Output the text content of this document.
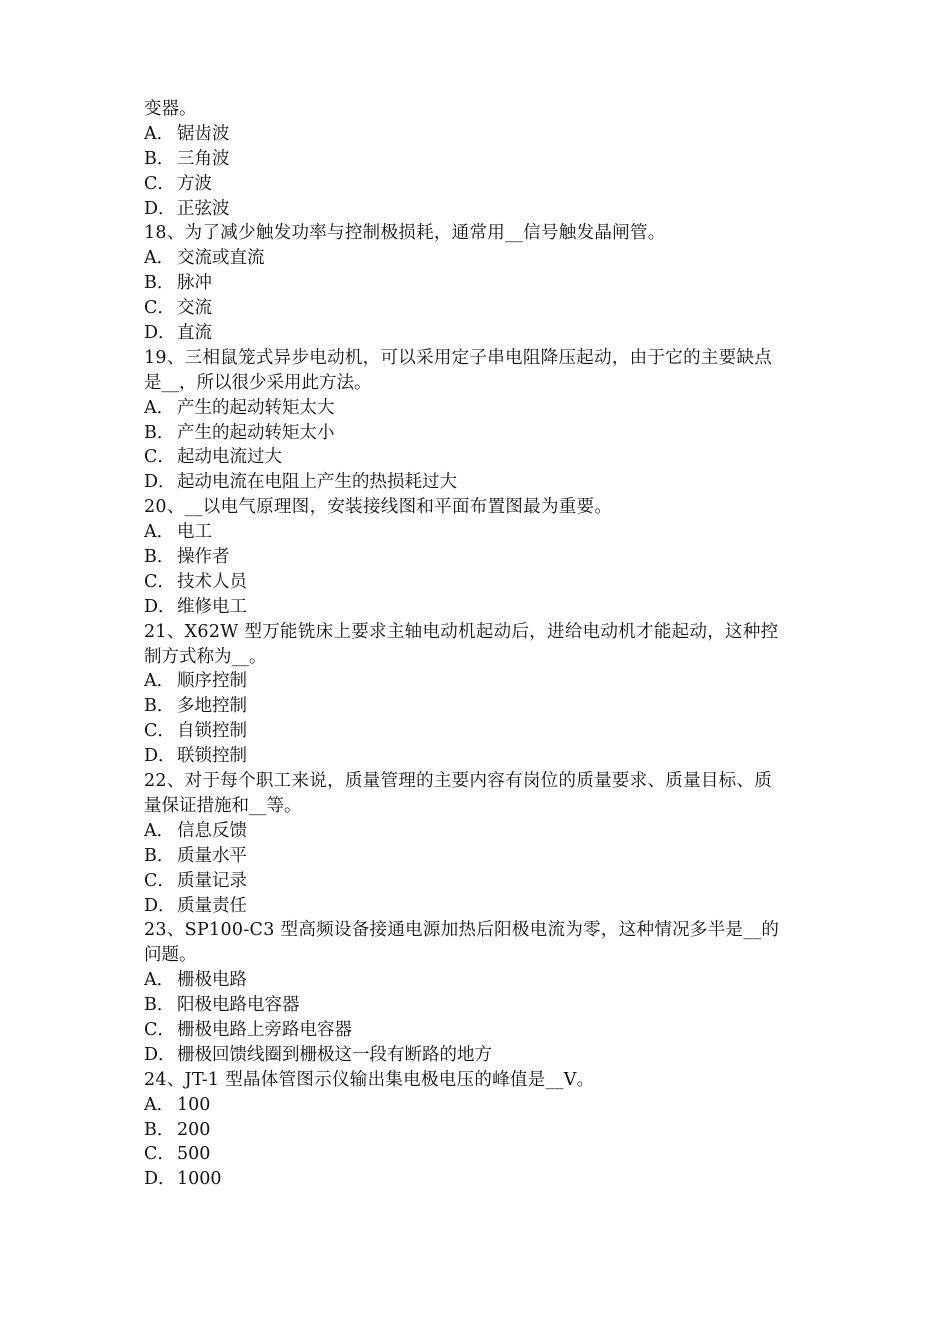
变器。
A． 锯齿波
B． 三角波
C． 方波
D． 正弦波
18、为了减少触发功率与控制极损耗，通常用__信号触发晶闸管。
A． 交流或直流
B． 脉冲
C． 交流
D． 直流
19、三相鼠笼式异步电动机，可以采用定子串电阻降压起动，由于它的主要缺点
是__，所以很少采用此方法。
A． 产生的起动转矩太大
B． 产生的起动转矩太小
C． 起动电流过大
D． 起动电流在电阻上产生的热损耗过大
20、__以电气原理图，安装接线图和平面布置图最为重要。
A． 电工
B． 操作者
C． 技术人员
D． 维修电工
21、X62W 型万能铣床上要求主轴电动机起动后，进给电动机才能起动，这种控
制方式称为__。
A． 顺序控制
B． 多地控制
C． 自锁控制
D． 联锁控制
22、对于每个职工来说，质量管理的主要内容有岗位的质量要求、质量目标、质
量保证措施和__等。
A． 信息反馈
B． 质量水平
C． 质量记录
D． 质量责任
23、SP100-C3 型高频设备接通电源加热后阳极电流为零，这种情况多半是__的
问题。
A． 栅极电路
B． 阳极电路电容器
C． 栅极电路上旁路电容器
D． 栅极回馈线圈到栅极这一段有断路的地方
24、JT-1 型晶体管图示仪输出集电极电压的峰值是__V。
A． 100
B． 200
C． 500
D． 1000
